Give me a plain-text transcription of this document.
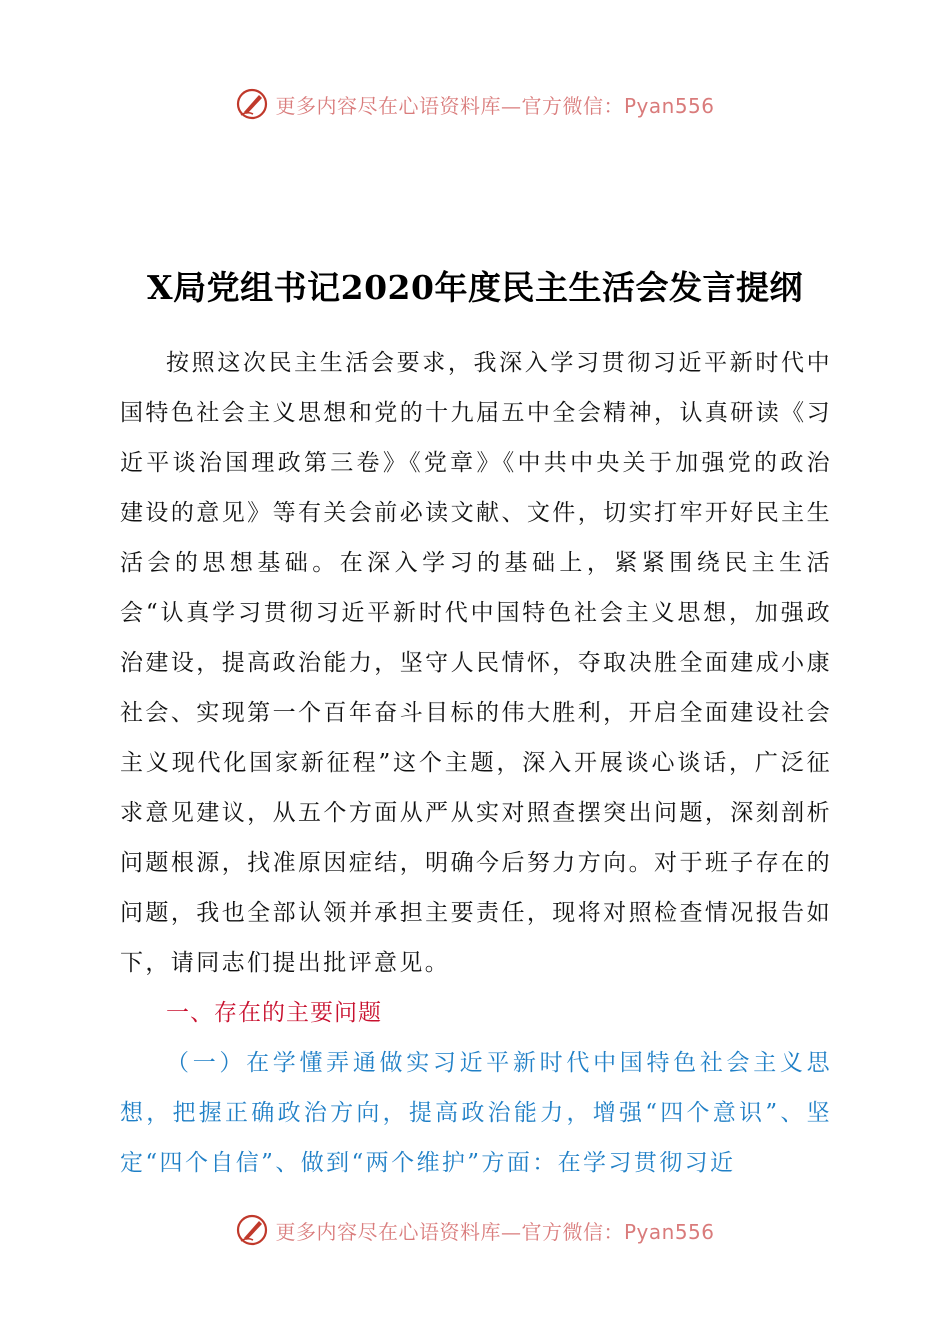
更多内容尽在心语资料库—官方微信：Pyan556
X局党组书记2020年度民主生活会发言提纲

按照这次民主生活会要求，我深入学习贯彻习近平新时代中国特色社会主义思想和党的十九届五中全会精神，认真研读《习近平谈治国理政第三卷》《党章》《中共中央关于加强党的政治建设的意见》等有关会前必读文献、文件，切实打牢开好民主生活会的思想基础。在深入学习的基础上，紧紧围绕民主生活会“认真学习贯彻习近平新时代中国特色社会主义思想，加强政治建设，提高政治能力，坚守人民情怀，夺取决胜全面建成小康社会、实现第一个百年奋斗目标的伟大胜利，开启全面建设社会主义现代化国家新征程”这个主题，深入开展谈心谈话，广泛征求意见建议，从五个方面从严从实对照查摆突出问题，深刻剖析问题根源，找准原因症结，明确今后努力方向。对于班子存在的问题，我也全部认领并承担主要责任，现将对照检查情况报告如下，请同志们提出批评意见。

一、存在的主要问题

（一）在学懂弄通做实习近平新时代中国特色社会主义思想，把握正确政治方向，提高政治能力，增强“四个意识”、坚定“四个自信”、做到“两个维护”方面：在学习贯彻习近

更多内容尽在心语资料库—官方微信：Pyan556
